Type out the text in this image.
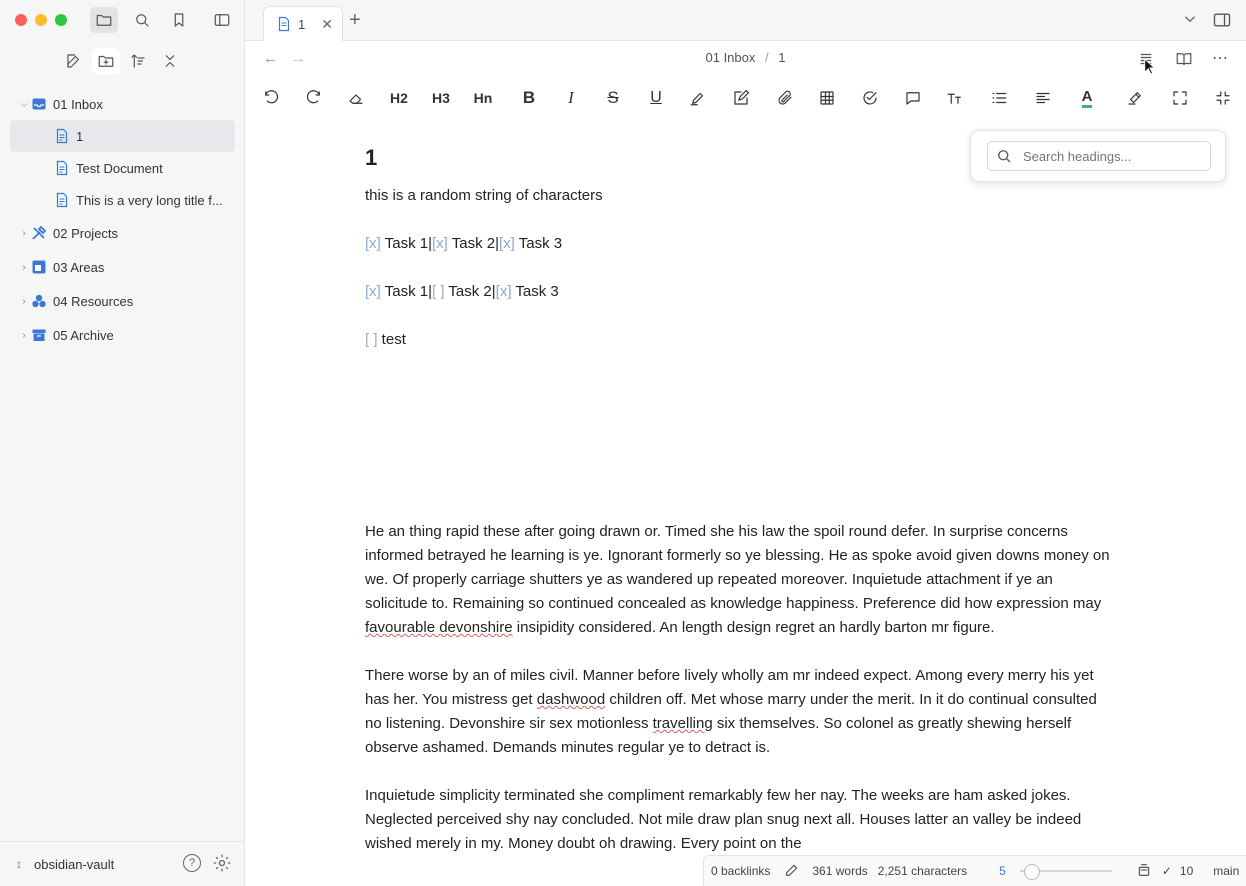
⌵ 01 Inbox
1
Test Document
This is a very long title f...
›	02 Projects
›	03 Areas
›	04 Resources
›	05 Archive
↕ obsidian-vault	?
1 ✕ +
← →	01 Inbox / 1	⋯
H2 H3 Hn B I S U	A
Search headings...
1

this is a random string of characters

[x] Task 1|[x] Task 2|[x] Task 3

[x] Task 1|[ ] Task 2|[x] Task 3

[ ] test

He an thing rapid these after going drawn or. Timed she his law the spoil round defer. In surprise concerns informed betrayed he learning is ye. Ignorant formerly so ye blessing. He as spoke avoid given downs money on we. Of properly carriage shutters ye as wandered up repeated moreover. Inquietude attachment if ye an solicitude to. Remaining so continued concealed as knowledge happiness. Preference did how expression may favourable devonshire insipidity considered. An length design regret an hardly barton mr figure.

There worse by an of miles civil. Manner before lively wholly am mr indeed expect. Among every merry his yet has her. You mistress get dashwood children off. Met whose marry under the merit. In it do continual consulted no listening. Devonshire sir sex motionless travelling six themselves. So colonel as greatly shewing herself observe ashamed. Demands minutes regular ye to detract is.

Inquietude simplicity terminated she compliment remarkably few her nay. The weeks are ham asked jokes. Neglected perceived shy nay concluded. Not mile draw plan snug next all. Houses latter an valley be indeed wished merely in my. Money doubt oh drawing. Every point on the

0 backlinks	361 words 2,251 characters	5	✓ 10 main
